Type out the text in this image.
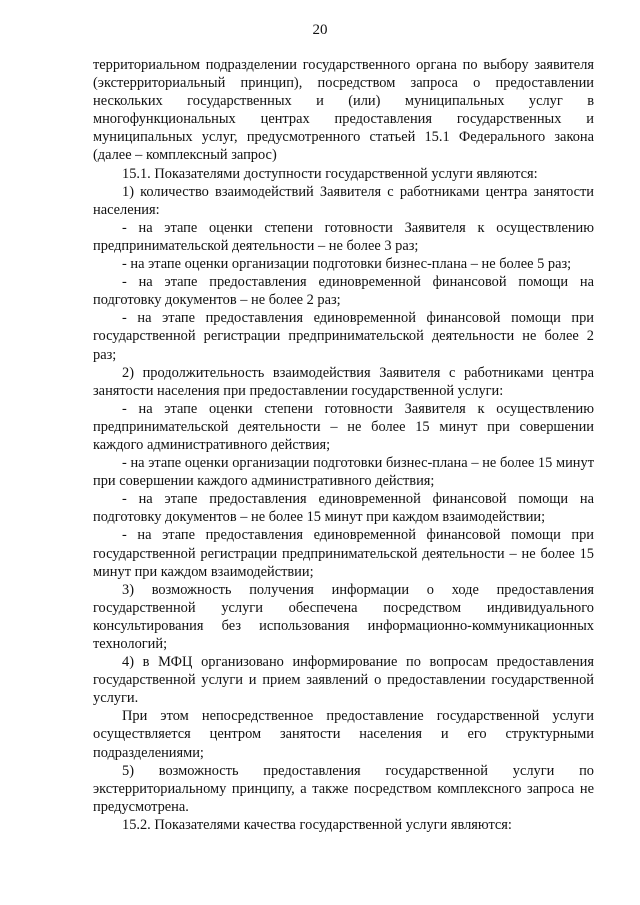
20

территориальном подразделении государственного органа по выбору заявителя (экстерриториальный принцип), посредством запроса о предоставлении нескольких государственных и (или) муниципальных услуг в многофункциональных центрах предоставления государственных и муниципальных услуг, предусмотренного статьей 15.1 Федерального закона (далее – комплексный запрос)

15.1. Показателями доступности государственной услуги являются:

1) количество взаимодействий Заявителя с работниками центра занятости населения:

- на этапе оценки степени готовности Заявителя к осуществлению предпринимательской деятельности – не более 3 раз;

- на этапе оценки организации подготовки бизнес-плана – не более 5 раз;

- на этапе предоставления единовременной финансовой помощи на подготовку документов – не более 2 раз;

- на этапе предоставления единовременной финансовой помощи при государственной регистрации предпринимательской деятельности не более 2 раз;

2) продолжительность взаимодействия Заявителя с работниками центра занятости населения при предоставлении государственной услуги:

- на этапе оценки степени готовности Заявителя к осуществлению предпринимательской деятельности – не более 15 минут при совершении каждого административного действия;

- на этапе оценки организации подготовки бизнес-плана – не более 15 минут при совершении каждого административного действия;

- на этапе предоставления единовременной финансовой помощи на подготовку документов – не более 15 минут при каждом взаимодействии;

- на этапе предоставления единовременной финансовой помощи при государственной регистрации предпринимательской деятельности – не более 15 минут при каждом взаимодействии;

3) возможность получения информации о ходе предоставления государственной услуги обеспечена посредством индивидуального консультирования без использования информационно-коммуникационных технологий;

4) в МФЦ организовано информирование по вопросам предоставления государственной услуги и прием заявлений о предоставлении государственной услуги.

При этом непосредственное предоставление государственной услуги осуществляется центром занятости населения и его структурными подразделениями;

5) возможность предоставления государственной услуги по экстерриториальному принципу, а также посредством комплексного запроса не предусмотрена.

15.2. Показателями качества государственной услуги являются:
